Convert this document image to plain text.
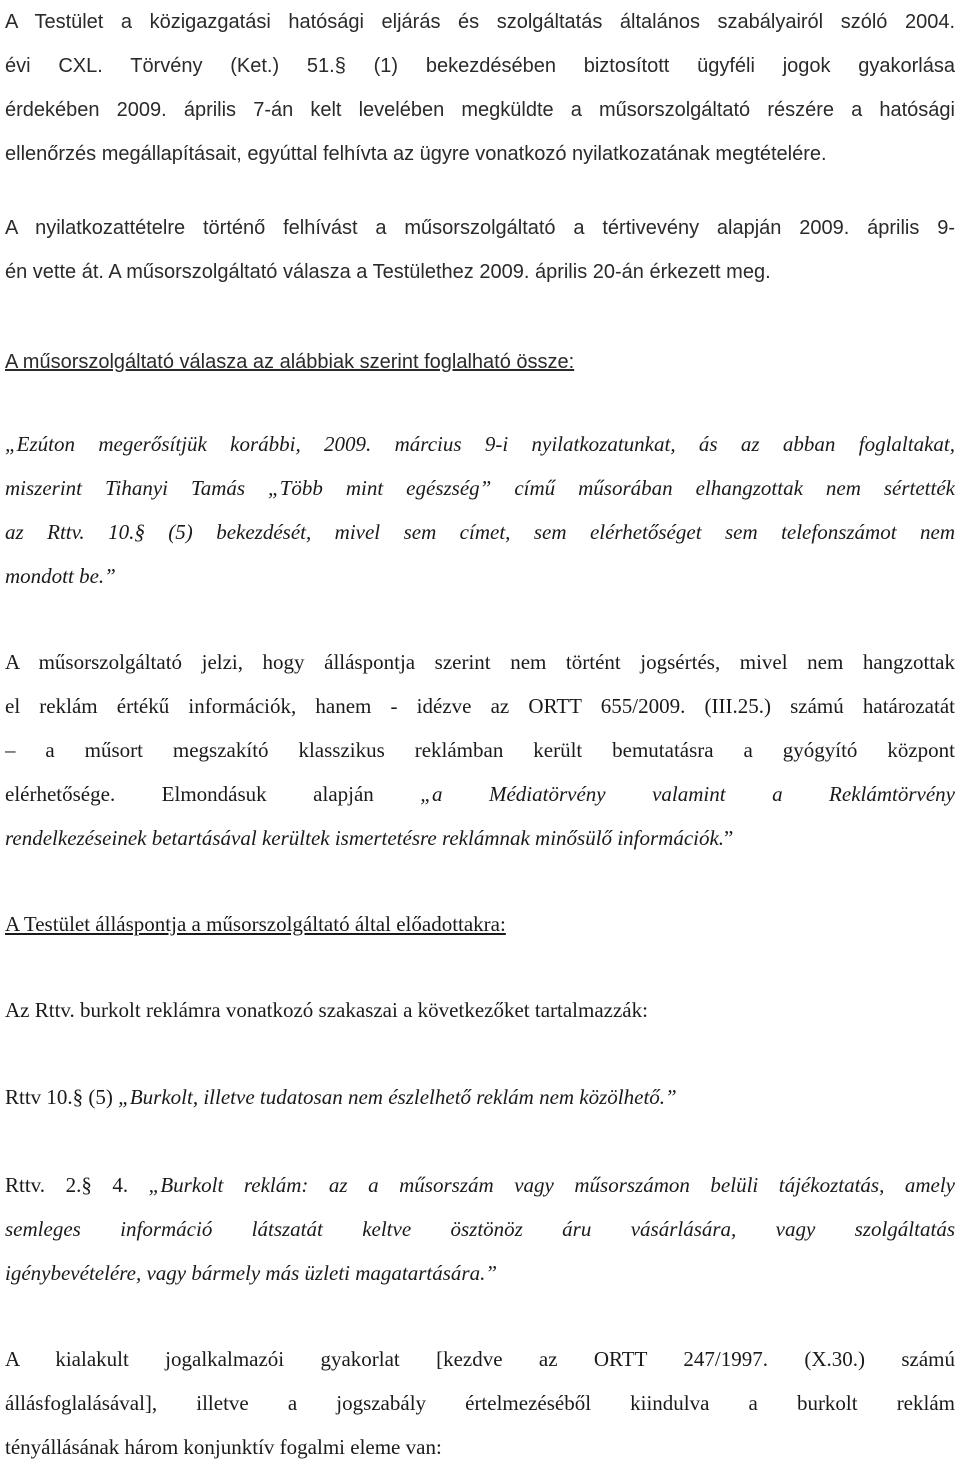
A Testület a közigazgatási hatósági eljárás és szolgáltatás általános szabályairól szóló 2004.
évi CXL. Törvény (Ket.) 51.§ (1) bekezdésében biztosított ügyféli jogok gyakorlása
érdekében 2009. április 7-án kelt levelében megküldte a műsorszolgáltató részére a hatósági
ellenőrzés megállapításait, egyúttal felhívta az ügyre vonatkozó nyilatkozatának megtételére.
A nyilatkozattételre történő felhívást a műsorszolgáltató a tértivevény alapján 2009. április 9-
én vette át. A műsorszolgáltató válasza a Testülethez 2009. április 20-án érkezett meg.
A műsorszolgáltató válasza az alábbiak szerint foglalható össze:
„Ezúton megerősítjük korábbi, 2009. március 9-i nyilatkozatunkat, ás az abban foglaltakat,
miszerint Tihanyi Tamás „Több mint egészség” című műsorában elhangzottak nem sértették
az Rttv. 10.§ (5) bekezdését, mivel sem címet, sem elérhetőséget sem telefonszámot nem
mondott be.”
A műsorszolgáltató jelzi, hogy álláspontja szerint nem történt jogsértés, mivel nem hangzottak
el reklám értékű információk, hanem - idézve az ORTT 655/2009. (III.25.) számú határozatát
– a műsort megszakító klasszikus reklámban került bemutatásra a gyógyító központ
elérhetősége. Elmondásuk alapján „a Médiatörvény valamint a Reklámtörvény
rendelkezéseinek betartásával kerültek ismertetésre reklámnak minősülő információk.”
A Testület álláspontja a műsorszolgáltató által előadottakra:
Az Rttv. burkolt reklámra vonatkozó szakaszai a következőket tartalmazzák:
Rttv 10.§ (5) „Burkolt, illetve tudatosan nem észlelhető reklám nem közölhető.”
Rttv. 2.§ 4. „Burkolt reklám: az a műsorszám vagy műsorszámon belüli tájékoztatás, amely
semleges információ látszatát keltve ösztönöz áru vásárlására, vagy szolgáltatás
igénybevételére, vagy bármely más üzleti magatartására.”
A kialakult jogalkalmazói gyakorlat [kezdve az ORTT 247/1997. (X.30.) számú
állásfoglalásával], illetve a jogszabály értelmezéséből kiindulva a burkolt reklám
tényállásának három konjunktív fogalmi eleme van:
